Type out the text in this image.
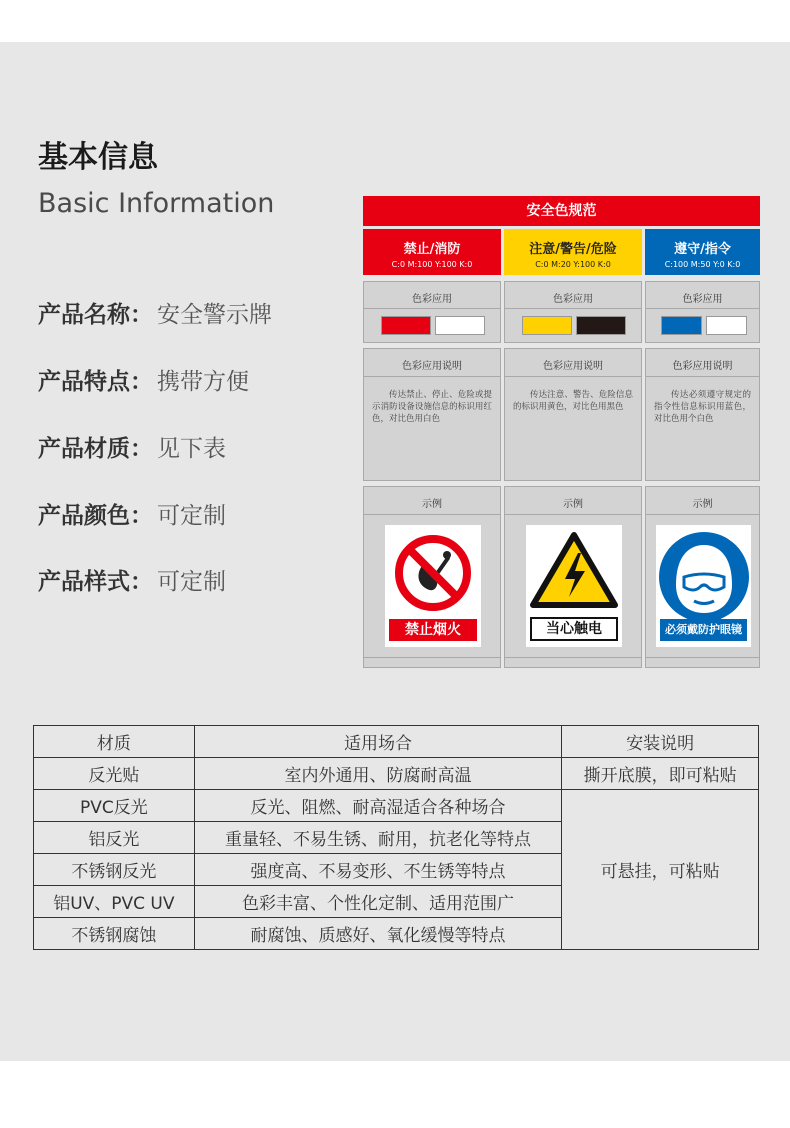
基本信息
Basic Information
产品名称： 安全警示牌
产品特点： 携带方便
产品材质： 见下表
产品颜色： 可定制
产品样式： 可定制
安全色规范
禁止/消防
C:0 M:100 Y:100 K:0
色彩应用
色彩应用说明
传达禁止、停止、危险或提示消防设备设施信息的标识用红色，对比色用白色
示例
禁止烟火
注意/警告/危险
C:0 M:20 Y:100 K:0
色彩应用
色彩应用说明
传达注意、警告、危险信息的标识用黄色，对比色用黑色
示例
当心触电
遵守/指令
C:100 M:50 Y:0 K:0
色彩应用
色彩应用说明
传达必须遵守规定的指令性信息标识用蓝色，对比色用个白色
示例
必须戴防护眼镜
材质	适用场合	安装说明
反光贴	室内外通用、防腐耐高温	撕开底膜，即可粘贴
PVC反光	反光、阻燃、耐高湿适合各种场合	可悬挂，可粘贴
铝反光	重量轻、不易生锈、耐用，抗老化等特点	
不锈钢反光	强度高、不易变形、不生锈等特点	
铝UV、PVC UV	色彩丰富、个性化定制、适用范围广	
不锈钢腐蚀	耐腐蚀、质感好、氧化缓慢等特点	
